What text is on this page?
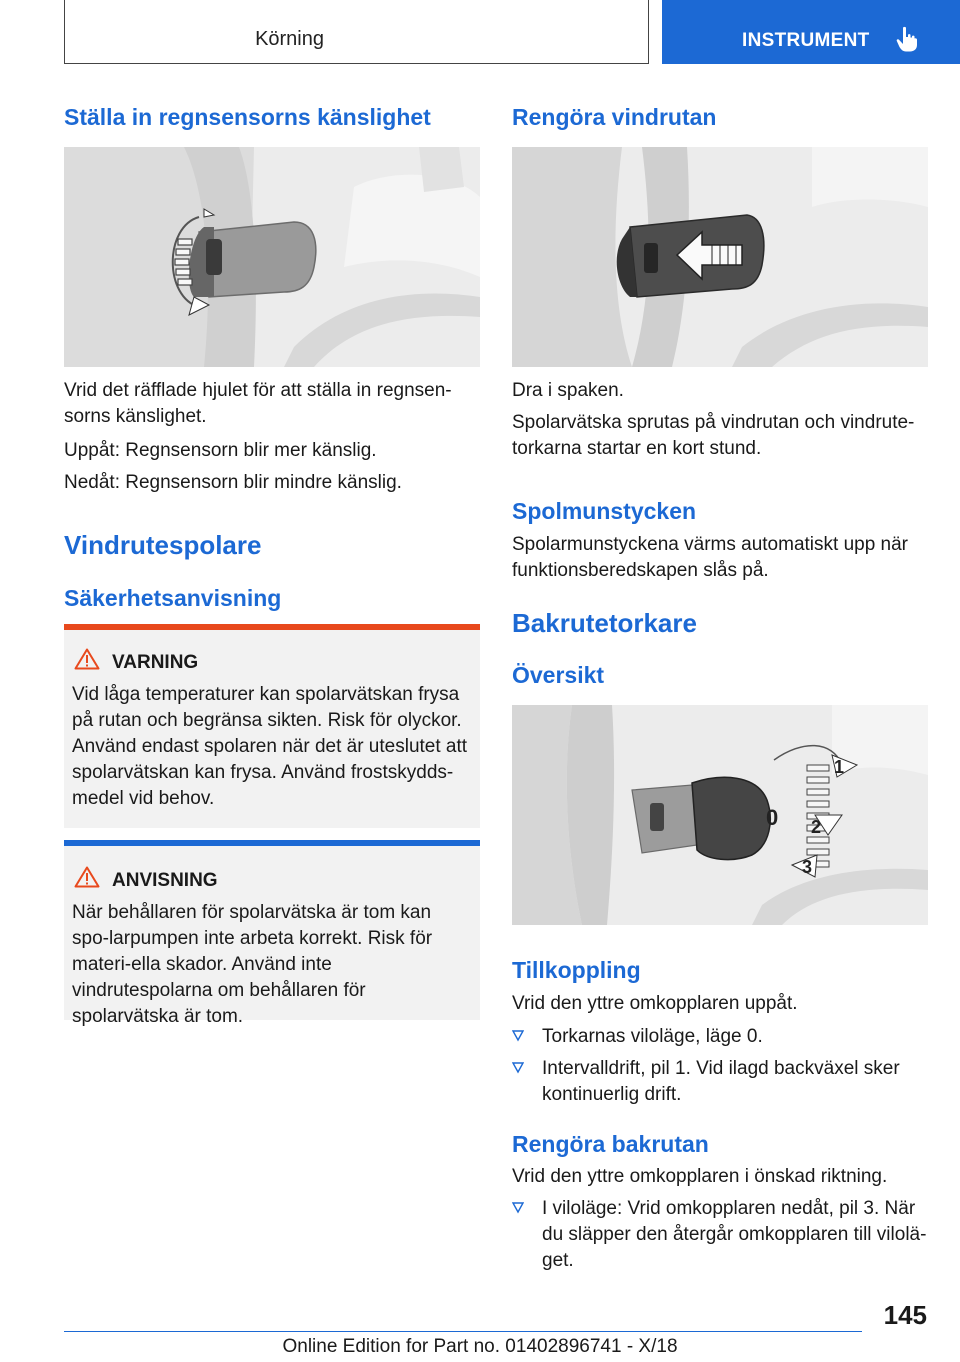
Körning	INSTRUMENT
Ställa in regnsensorns känslighet

Vrid det räfflade hjulet för att ställa in regnsen-sorns känslighet.

Uppåt: Regnsensorn blir mer känslig.

Nedåt: Regnsensorn blir mindre känslig.

Vindrutespolare
Säkerhetsanvisning
VARNING
Vid låga temperaturer kan spolarvätskan frysa på rutan och begränsa sikten. Risk för olyckor. Använd endast spolaren när det är uteslutet att spolarvätskan kan frysa. Använd frostskydds-medel vid behov.
ANVISNING
När behållaren för spolarvätska är tom kan spo-larpumpen inte arbeta korrekt. Risk för materi-ella skador. Använd inte vindrutespolarna om behållaren för spolarvätska är tom.
Rengöra vindrutan

Dra i spaken.

Spolarvätska sprutas på vindrutan och vindrute-torkarna startar en kort stund.

Spolmunstycken

Spolarmunstyckena värms automatiskt upp när funktionsberedskapen slås på.

Bakrutetorkare
Översikt
1
0 2
3
Tillkoppling

Vrid den yttre omkopplaren uppåt.

Torkarnas viloläge, läge 0.
Intervalldrift, pil 1. Vid ilagd backväxel sker kontinuerlig drift.
Rengöra bakrutan

Vrid den yttre omkopplaren i önskad riktning.

I viloläge: Vrid omkopplaren nedåt, pil 3. När du släpper den återgår omkopplaren till vilolä-get.
145
Online Edition for Part no. 01402896741 - X/18
